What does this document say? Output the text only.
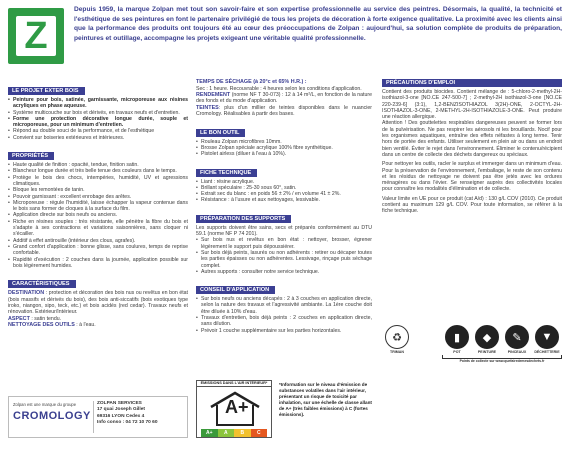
Z
Depuis 1959, la marque Zolpan met tout son savoir-faire et son expertise professionnelle au service des peintres. Désormais, la qualité, la technicité et l'esthétique de ses peintures en font le partenaire privilégié de tous les projets de décoration à forte exigence qualitative. La proximité avec les clients ainsi que la performance des produits ont toujours été au cœur des préoccupations de Zolpan : aujourd'hui, sa solution complète de produits de préparation, peintures et outillage, accompagne les projets exigeant une véritable qualité professionnelle.
LE PROJET EXTER BOIS
• Peinture pour bois, satinée, garnissante, microporeuse aux résines acryliques en phase aqueuse.
• Système multicouche sur bois et dérivés, en travaux neufs et d'entretien.
• Forme une protection décorative longue durée, souple et microporeuse, pour un minimum d'entretien.
• Répond au double souci de la performance, et de l'esthétique
• Convient sur boiseries extérieures et intérieures.
PROPRIÉTÉS
• Haute qualité de finition : opacité, tendue, finition satin.
• Blancheur longue durée et très belle tenue des couleurs dans le temps.
• Protège le bois des chocs, intempéries, humidité, UV et agressions climatiques.
• Bloque les remontées de tanin.
• Pouvoir garnissant : excellent enrobage des arêtes.
• Microporeuse : régule l'humidité, laisse échapper la vapeur contenue dans le bois sans former de cloques à la surface du film.
• Application directe sur bois neufs ou anciens.
• Riche en résines souples : très résistante, elle pénètre la fibre du bois et s'adapte à ses contractions et variations saisonnières, sans cloquer ni s'écailler.
• Additif à effet antirouille (intérieur des clous, agrafes).
• Grand confort d'application : bonne glisse, sans coulures, temps de reprise confortable.
• Rapidité d'exécution : 2 couches dans la journée, application possible sur bois légèrement humides.
CARACTÉRISTIQUES
DESTINATION : protection et décoration des bois nus ou revêtus en bon état (bois massifs et dérivés du bois), des bois anti-siccatifs (bois exotiques type iroko, niangon, sipo, teck, etc.) et bois acidés (red cedar). Travaux neufs et rénovation. Extérieur/Intérieur.
ASPECT : satin tendu.
NETTOYAGE DES OUTILS : à l'eau.
Zolpan est une marque du groupe
CROMOLOGY
ZOLPAN SERVICES
17 quai Joseph Gillet
69316 LYON Cedex 4
Info conso : 04 72 10 70 60
TEMPS DE SÉCHAGE (à 20°c et 65% H.R.) :
Sec : 1 heure. Recouvrable : 4 heures selon les conditions d'application.
RENDEMENT (norme NF T 30-073) : 12 à 14 m²/L, en fonction de la nature des fonds et du mode d'application.
TEINTES: plus d'un millier de teintes disponibles dans le nuancier Cromology. Réalisables à partir des bases.
LE BON OUTIL
• Rouleau Zolpan microfibres 10mm.
• Brosse Zolpan spéciale acrylique 100% fibre synthétique.
• Pistolet airless (diluer à l'eau à 10%).
FICHE TECHNIQUE
• Liant : résine acrylique.
• Brillant spéculaire : 25-30 sous 60°, satin.
• Extrait sec du blanc : en poids 56 ± 2% / en volume 41 ± 2%.
• Résistance : à l'usure et aux nettoyages, lessivable.
PRÉPARATION DES SUPPORTS
Les supports doivent être sains, secs et préparés conformément au DTU 59.1 (norme NF P 74 201).
• Sur bois nus et revêtus en bon état : nettoyer, brosser, égrener légèrement le support puis dépoussiérer.
• Sur bois déjà peints, lasurés ou non adhérents : retirer ou décaper toutes les parties épaisses ou non adhérentes. Lessivage, rinçage puis séchage complet.
• Autres supports : consulter notre service technique.
CONSEIL D'APPLICATION
• Sur bois neufs ou anciens décapés : 2 à 3 couches en application directe, selon la nature des travaux et l'agressivité ambiante. La 1ère couche doit être diluée à 10% d'eau.
• Travaux d'entretien, bois déjà peints : 2 couches en application directe, sans dilution.
• Prévoir 1 couche supplémentaire sur les parties horizontales.
ÉMISSIONS DANS L'AIR INTÉRIEUR*
A+
A+	A	B	C
*Information sur le niveau d'émission de substances volatiles dans l'air intérieur, présentant un risque de toxicité par inhalation, sur une échelle de classe allant de A+ (très faibles émissions) à C (fortes émissions).
PRÉCAUTIONS D'EMPLOI
Contient des produits biocides. Contient mélange de : 5-chloro-2-methyl-2H-isothiazol-3-one [NO.CE 247-500-7] ; 2-methyl-2H isothiazol-3-one [NO.CE 220-239-6] (3:1), 1,2-BENZISOTHIAZOL 3(2H)-ONE, 2-OCTYL-2H-ISOTHIAZOL-3-ONE, 2-METHYL-2H-ISOTHIAZOLE-3-ONE. Peut produire une réaction allergique.
Attention ! Des gouttelettes respirables dangereuses peuvent se former lors de la pulvérisation. Ne pas respirer les aérosols ni les brouillards. Nocif pour les organismes aquatiques, entraîne des effets néfastes à long terme. Tenir hors de portée des enfants. Utiliser seulement en plein air ou dans un endroit bien ventilé. Éviter le rejet dans l'environnement. Éliminer le contenu/récipient dans un centre de collecte des déchets dangereux ou spéciaux.
Pour nettoyer les outils, racler le surplus et immerger dans un minimum d'eau. Pour la préservation de l'environnement, l'emballage, le reste de son contenu et les résidus de nettoyage ne doivent pas être jetés avec les ordures ménagères ou dans l'évier. Se renseigner auprès des collectivités locales pour connaître les modalités d'élimination et de collecte.
Valeur limite en UE pour ce produit (cat A/d) : 130 g/L COV (2010). Ce produit contient au maximum 129 g/L COV. Pour toute information, se référer à la fiche technique.
♻
TRIMAN
▮
POT
◆
PEINTURE
✎
PINCEAUX
▼
DÉCHETTERIE
Points de collecte sur www.quefairedemesdechets.fr
